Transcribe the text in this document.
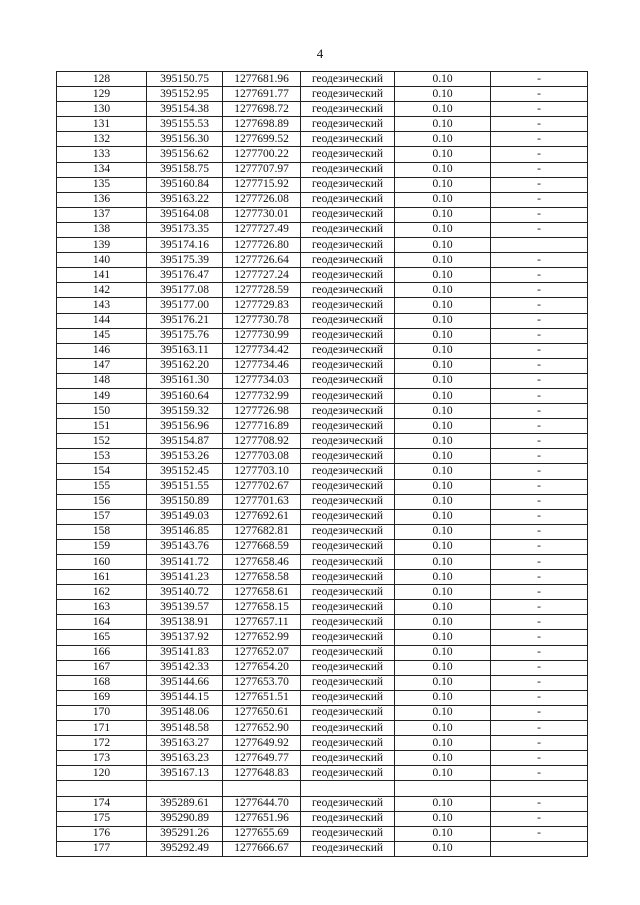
4
128	395150.75	1277681.96	геодезический	0.10	-
129	395152.95	1277691.77	геодезический	0.10	-
130	395154.38	1277698.72	геодезический	0.10	-
131	395155.53	1277698.89	геодезический	0.10	-
132	395156.30	1277699.52	геодезический	0.10	-
133	395156.62	1277700.22	геодезический	0.10	-
134	395158.75	1277707.97	геодезический	0.10	-
135	395160.84	1277715.92	геодезический	0.10	-
136	395163.22	1277726.08	геодезический	0.10	-
137	395164.08	1277730.01	геодезический	0.10	-
138	395173.35	1277727.49	геодезический	0.10	-
139	395174.16	1277726.80	геодезический	0.10	
140	395175.39	1277726.64	геодезический	0.10	-
141	395176.47	1277727.24	геодезический	0.10	-
142	395177.08	1277728.59	геодезический	0.10	-
143	395177.00	1277729.83	геодезический	0.10	-
144	395176.21	1277730.78	геодезический	0.10	-
145	395175.76	1277730.99	геодезический	0.10	-
146	395163.11	1277734.42	геодезический	0.10	-
147	395162.20	1277734.46	геодезический	0.10	-
148	395161.30	1277734.03	геодезический	0.10	-
149	395160.64	1277732.99	геодезический	0.10	-
150	395159.32	1277726.98	геодезический	0.10	-
151	395156.96	1277716.89	геодезический	0.10	-
152	395154.87	1277708.92	геодезический	0.10	-
153	395153.26	1277703.08	геодезический	0.10	-
154	395152.45	1277703.10	геодезический	0.10	-
155	395151.55	1277702.67	геодезический	0.10	-
156	395150.89	1277701.63	геодезический	0.10	-
157	395149.03	1277692.61	геодезический	0.10	-
158	395146.85	1277682.81	геодезический	0.10	-
159	395143.76	1277668.59	геодезический	0.10	-
160	395141.72	1277658.46	геодезический	0.10	-
161	395141.23	1277658.58	геодезический	0.10	-
162	395140.72	1277658.61	геодезический	0.10	-
163	395139.57	1277658.15	геодезический	0.10	-
164	395138.91	1277657.11	геодезический	0.10	-
165	395137.92	1277652.99	геодезический	0.10	-
166	395141.83	1277652.07	геодезический	0.10	-
167	395142.33	1277654.20	геодезический	0.10	-
168	395144.66	1277653.70	геодезический	0.10	-
169	395144.15	1277651.51	геодезический	0.10	-
170	395148.06	1277650.61	геодезический	0.10	-
171	395148.58	1277652.90	геодезический	0.10	-
172	395163.27	1277649.92	геодезический	0.10	-
173	395163.23	1277649.77	геодезический	0.10	-
120	395167.13	1277648.83	геодезический	0.10	-

174	395289.61	1277644.70	геодезический	0.10	-
175	395290.89	1277651.96	геодезический	0.10	-
176	395291.26	1277655.69	геодезический	0.10	-
177	395292.49	1277666.67	геодезический	0.10	
